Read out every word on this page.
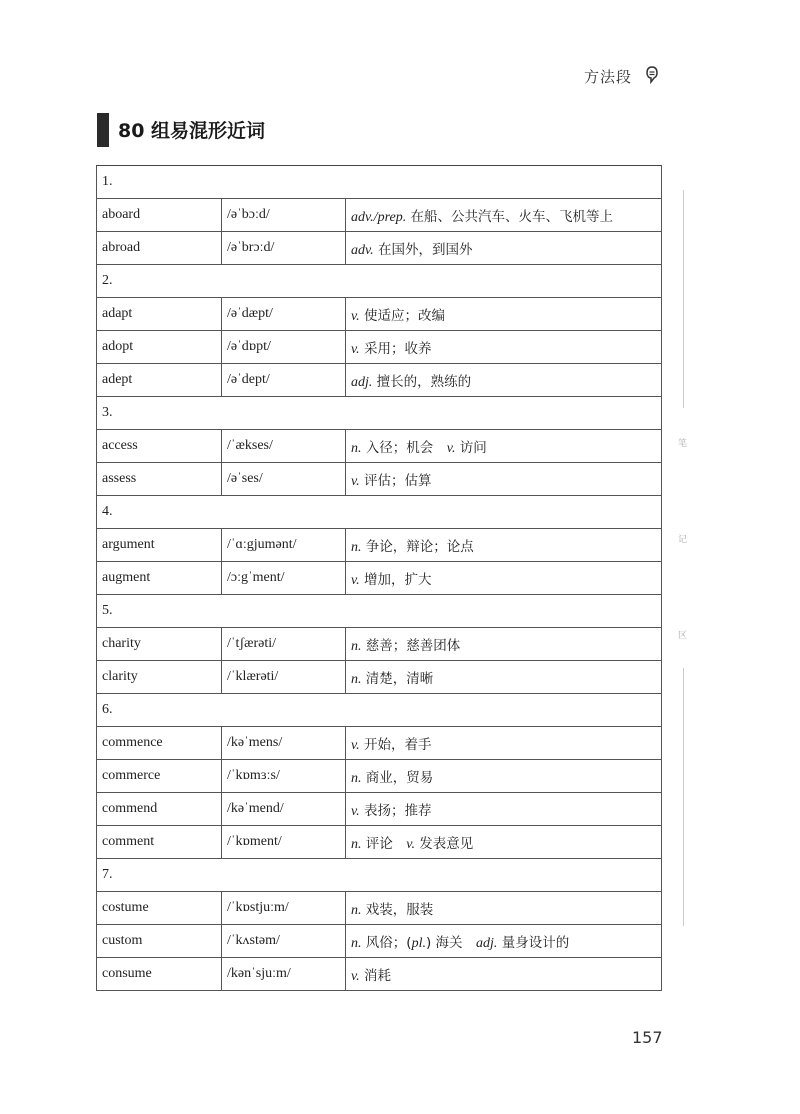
方法段
80 组易混形近词
1.		
aboard	/əˈbɔːd/	adv./prep. 在船、公共汽车、火车、飞机等上
abroad	/əˈbrɔːd/	adv. 在国外，到国外
2.		
adapt	/əˈdæpt/	v. 使适应；改编
adopt	/əˈdɒpt/	v. 采用；收养
adept	/əˈdept/	adj. 擅长的，熟练的
3.		
access	/ˈækses/	n. 入径；机会　v. 访问
assess	/əˈses/	v. 评估；估算
4.		
argument	/ˈɑːgjumənt/	n. 争论，辩论；论点
augment	/ɔːgˈment/	v. 增加，扩大
5.		
charity	/ˈtʃærəti/	n. 慈善；慈善团体
clarity	/ˈklærəti/	n. 清楚，清晰
6.		
commence	/kəˈmens/	v. 开始，着手
commerce	/ˈkɒmɜːs/	n. 商业，贸易
commend	/kəˈmend/	v. 表扬；推荐
comment	/ˈkɒment/	n. 评论　v. 发表意见
7.		
costume	/ˈkɒstjuːm/	n. 戏装，服装
custom	/ˈkʌstəm/	n. 风俗；(pl.) 海关　adj. 量身设计的
consume	/kənˈsjuːm/	v. 消耗
笔
记
区
157
